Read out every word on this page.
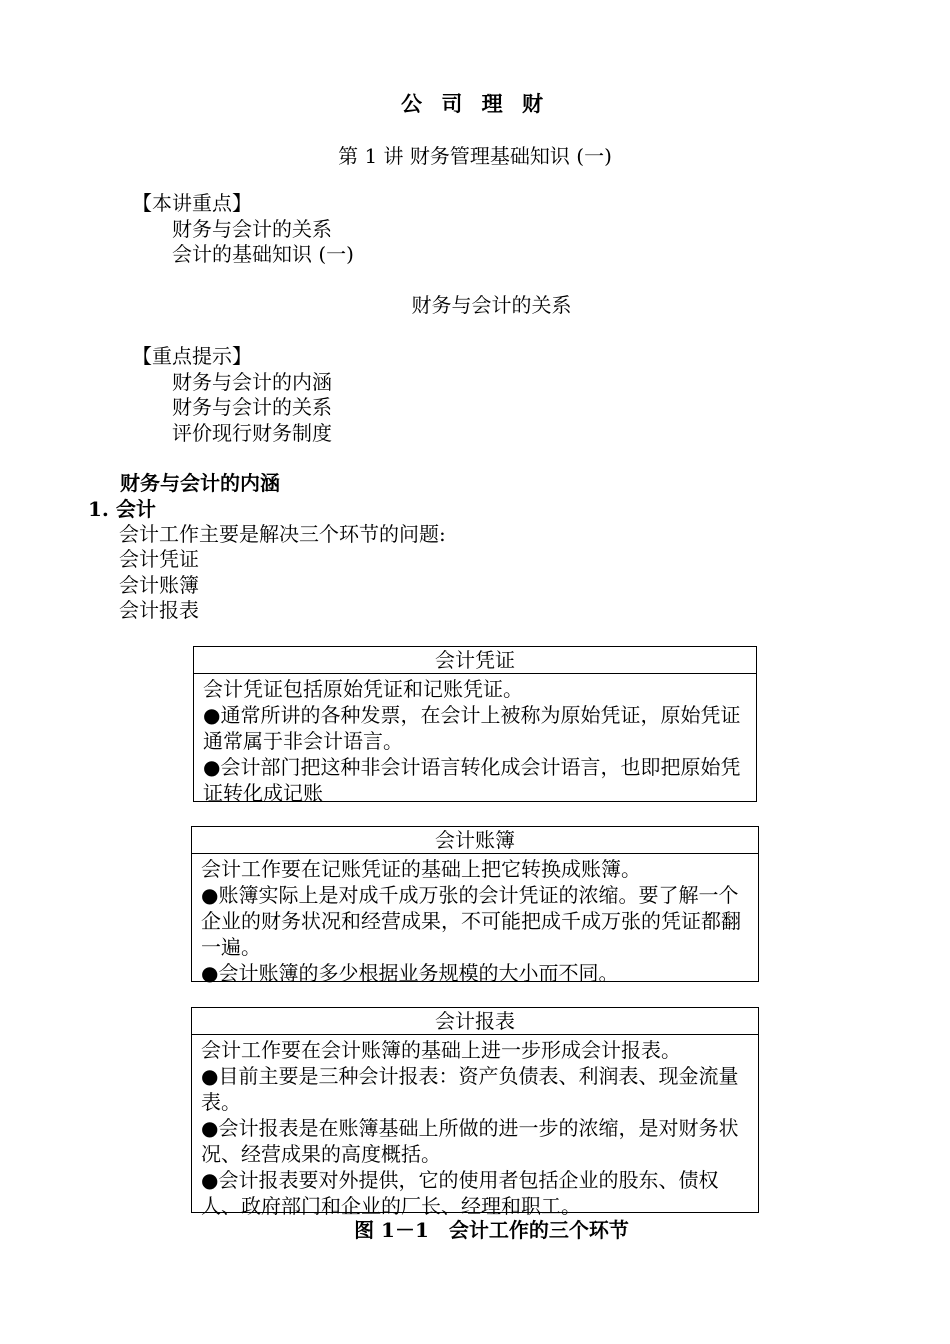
公 司 理 财
第 1 讲 财务管理基础知识 (一)
【本讲重点】
财务与会计的关系
会计的基础知识 (一)
财务与会计的关系
【重点提示】
财务与会计的内涵
财务与会计的关系
评价现行财务制度
财务与会计的内涵
1. 会计
会计工作主要是解决三个环节的问题:
会计凭证
会计账簿
会计报表
会计凭证

会计凭证包括原始凭证和记账凭证。

●通常所讲的各种发票，在会计上被称为原始凭证，原始凭证通常属于非会计语言。

●会计部门把这种非会计语言转化成会计语言，也即把原始凭证转化成记账

会计账簿

会计工作要在记账凭证的基础上把它转换成账簿。

●账簿实际上是对成千成万张的会计凭证的浓缩。要了解一个企业的财务状况和经营成果，不可能把成千成万张的凭证都翻一遍。

●会计账簿的多少根据业务规模的大小而不同。

会计报表

会计工作要在会计账簿的基础上进一步形成会计报表。

●目前主要是三种会计报表：资产负债表、利润表、现金流量表。

●会计报表是在账簿基础上所做的进一步的浓缩，是对财务状况、经营成果的高度概括。

●会计报表要对外提供，它的使用者包括企业的股东、债权人、政府部门和企业的厂长、经理和职工。

图 1－1　会计工作的三个环节
